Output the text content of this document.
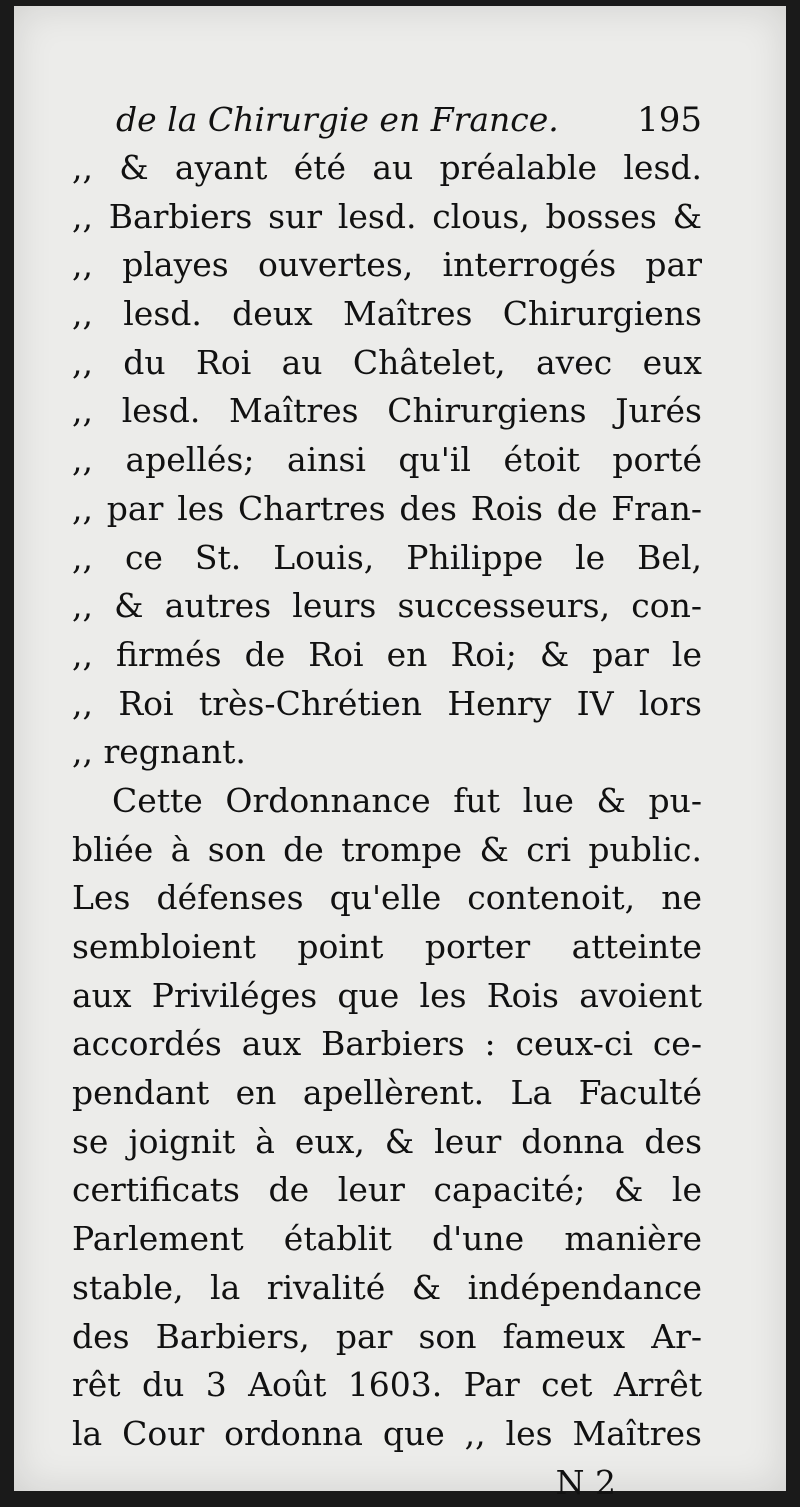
de la Chirurgie en France. 195
,, & ayant été au préalable lesd.
,, Barbiers sur lesd. clous, bosses &
,, playes ouvertes, interrogés par
,, lesd. deux Maîtres Chirurgiens
,, du Roi au Châtelet, avec eux
,, lesd. Maîtres Chirurgiens Jurés
,, apellés; ainsi qu'il étoit porté
,, par les Chartres des Rois de Fran-
,, ce St. Louis, Philippe le Bel,
,, & autres leurs successeurs, con-
,, firmés de Roi en Roi; & par le
,, Roi très-Chrétien Henry IV lors
,, regnant.
Cette Ordonnance fut lue & pu-
bliée à son de trompe & cri public.
Les défenses qu'elle contenoit, ne
sembloient point porter atteinte
aux Priviléges que les Rois avoient
accordés aux Barbiers : ceux-ci ce-
pendant en apellèrent. La Faculté
se joignit à eux, & leur donna des
certificats de leur capacité; & le
Parlement établit d'une manière
stable, la rivalité & indépendance
des Barbiers, par son fameux Ar-
rêt du 3 Août 1603. Par cet Arrêt
la Cour ordonna que ,, les Maîtres
N 2
